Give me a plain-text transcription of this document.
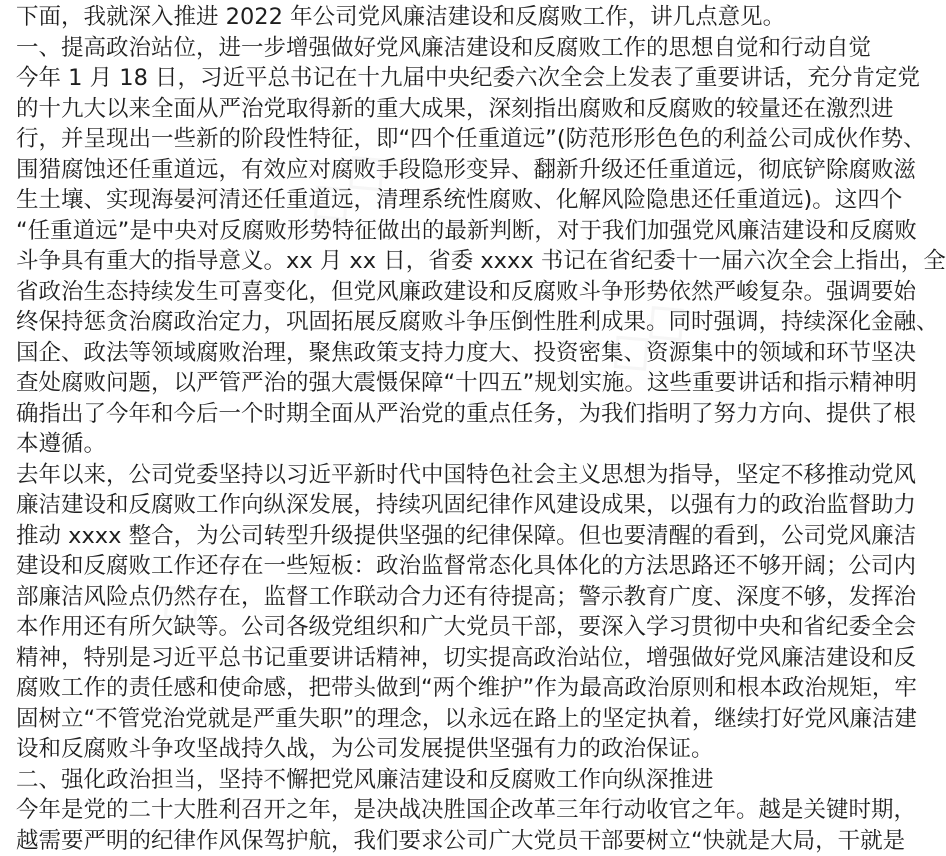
下面，我就深入推进 2022 年公司党风廉洁建设和反腐败工作，讲几点意见。
一、提高政治站位，进一步增强做好党风廉洁建设和反腐败工作的思想自觉和行动自觉
今年 1 月 18 日，习近平总书记在十九届中央纪委六次全会上发表了重要讲话，充分肯定党
的十九大以来全面从严治党取得新的重大成果，深刻指出腐败和反腐败的较量还在激烈进
行，并呈现出一些新的阶段性特征，即“四个任重道远”(防范形形色色的利益公司成伙作势、
围猎腐蚀还任重道远，有效应对腐败手段隐形变异、翻新升级还任重道远，彻底铲除腐败滋
生土壤、实现海晏河清还任重道远，清理系统性腐败、化解风险隐患还任重道远)。这四个
“任重道远”是中央对反腐败形势特征做出的最新判断，对于我们加强党风廉洁建设和反腐败
斗争具有重大的指导意义。xx 月 xx 日，省委 xxxx 书记在省纪委十一届六次全会上指出，全
省政治生态持续发生可喜变化，但党风廉政建设和反腐败斗争形势依然严峻复杂。强调要始
终保持惩贪治腐政治定力，巩固拓展反腐败斗争压倒性胜利成果。同时强调，持续深化金融、
国企、政法等领域腐败治理，聚焦政策支持力度大、投资密集、资源集中的领域和环节坚决
查处腐败问题，以严管严治的强大震慑保障“十四五”规划实施。这些重要讲话和指示精神明
确指出了今年和今后一个时期全面从严治党的重点任务，为我们指明了努力方向、提供了根
本遵循。
去年以来，公司党委坚持以习近平新时代中国特色社会主义思想为指导，坚定不移推动党风
廉洁建设和反腐败工作向纵深发展，持续巩固纪律作风建设成果，以强有力的政治监督助力
推动 xxxx 整合，为公司转型升级提供坚强的纪律保障。但也要清醒的看到，公司党风廉洁
建设和反腐败工作还存在一些短板：政治监督常态化具体化的方法思路还不够开阔；公司内
部廉洁风险点仍然存在，监督工作联动合力还有待提高；警示教育广度、深度不够，发挥治
本作用还有所欠缺等。公司各级党组织和广大党员干部，要深入学习贯彻中央和省纪委全会
精神，特别是习近平总书记重要讲话精神，切实提高政治站位，增强做好党风廉洁建设和反
腐败工作的责任感和使命感，把带头做到“两个维护”作为最高政治原则和根本政治规矩，牢
固树立“不管党治党就是严重失职”的理念，以永远在路上的坚定执着，继续打好党风廉洁建
设和反腐败斗争攻坚战持久战，为公司发展提供坚强有力的政治保证。
二、强化政治担当，坚持不懈把党风廉洁建设和反腐败工作向纵深推进
今年是党的二十大胜利召开之年，是决战决胜国企改革三年行动收官之年。越是关键时期，
越需要严明的纪律作风保驾护航，我们要求公司广大党员干部要树立“快就是大局，干就是
